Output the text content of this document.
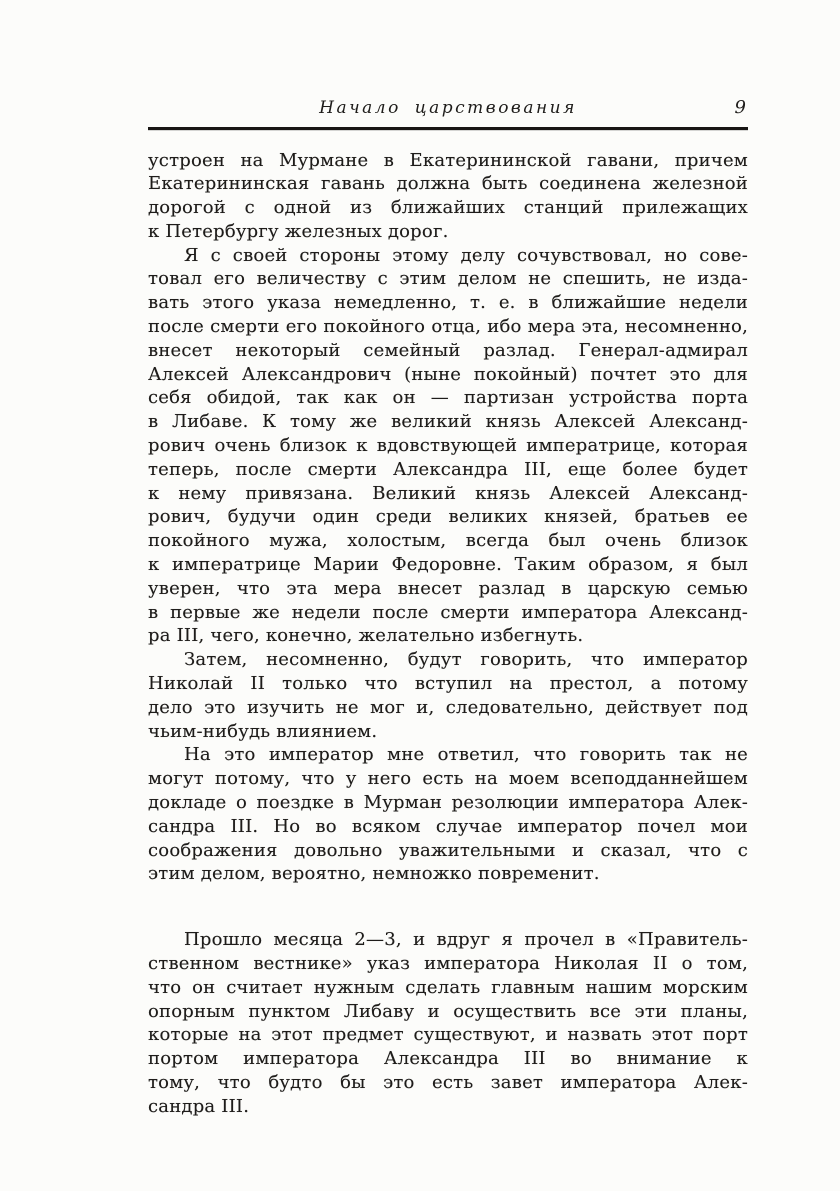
Начало царствования	9
устроен на Мурмане в Екатерининской гавани, причем
Екатерининская гавань должна быть соединена железной
дорогой с одной из ближайших станций прилежащих
к Петербургу железных дорог.
Я с своей стороны этому делу сочувствовал, но сове-
товал его величеству с этим делом не спешить, не изда-
вать этого указа немедленно, т. е. в ближайшие недели
после смерти его покойного отца, ибо мера эта, несомненно,
внесет некоторый семейный разлад. Генерал-адмирал
Алексей Александрович (ныне покойный) почтет это для
себя обидой, так как он — партизан устройства порта
в Либаве. К тому же великий князь Алексей Александ-
рович очень близок к вдовствующей императрице, которая
теперь, после смерти Александра III, еще более будет
к нему привязана. Великий князь Алексей Александ-
рович, будучи один среди великих князей, братьев ее
покойного мужа, холостым, всегда был очень близок
к императрице Марии Федоровне. Таким образом, я был
уверен, что эта мера внесет разлад в царскую семью
в первые же недели после смерти императора Александ-
ра III, чего, конечно, желательно избегнуть.
Затем, несомненно, будут говорить, что император
Николай II только что вступил на престол, а потому
дело это изучить не мог и, следовательно, действует под
чьим-нибудь влиянием.
На это император мне ответил, что говорить так не
могут потому, что у него есть на моем всеподданнейшем
докладе о поездке в Мурман резолюции императора Алек-
сандра III. Но во всяком случае император почел мои
соображения довольно уважительными и сказал, что с
этим делом, вероятно, немножко повременит.
Прошло месяца 2—3, и вдруг я прочел в «Правитель-
ственном вестнике» указ императора Николая II о том,
что он считает нужным сделать главным нашим морским
опорным пунктом Либаву и осуществить все эти планы,
которые на этот предмет существуют, и назвать этот порт
портом императора Александра III во внимание к
тому, что будто бы это есть завет императора Алек-
сандра III.
